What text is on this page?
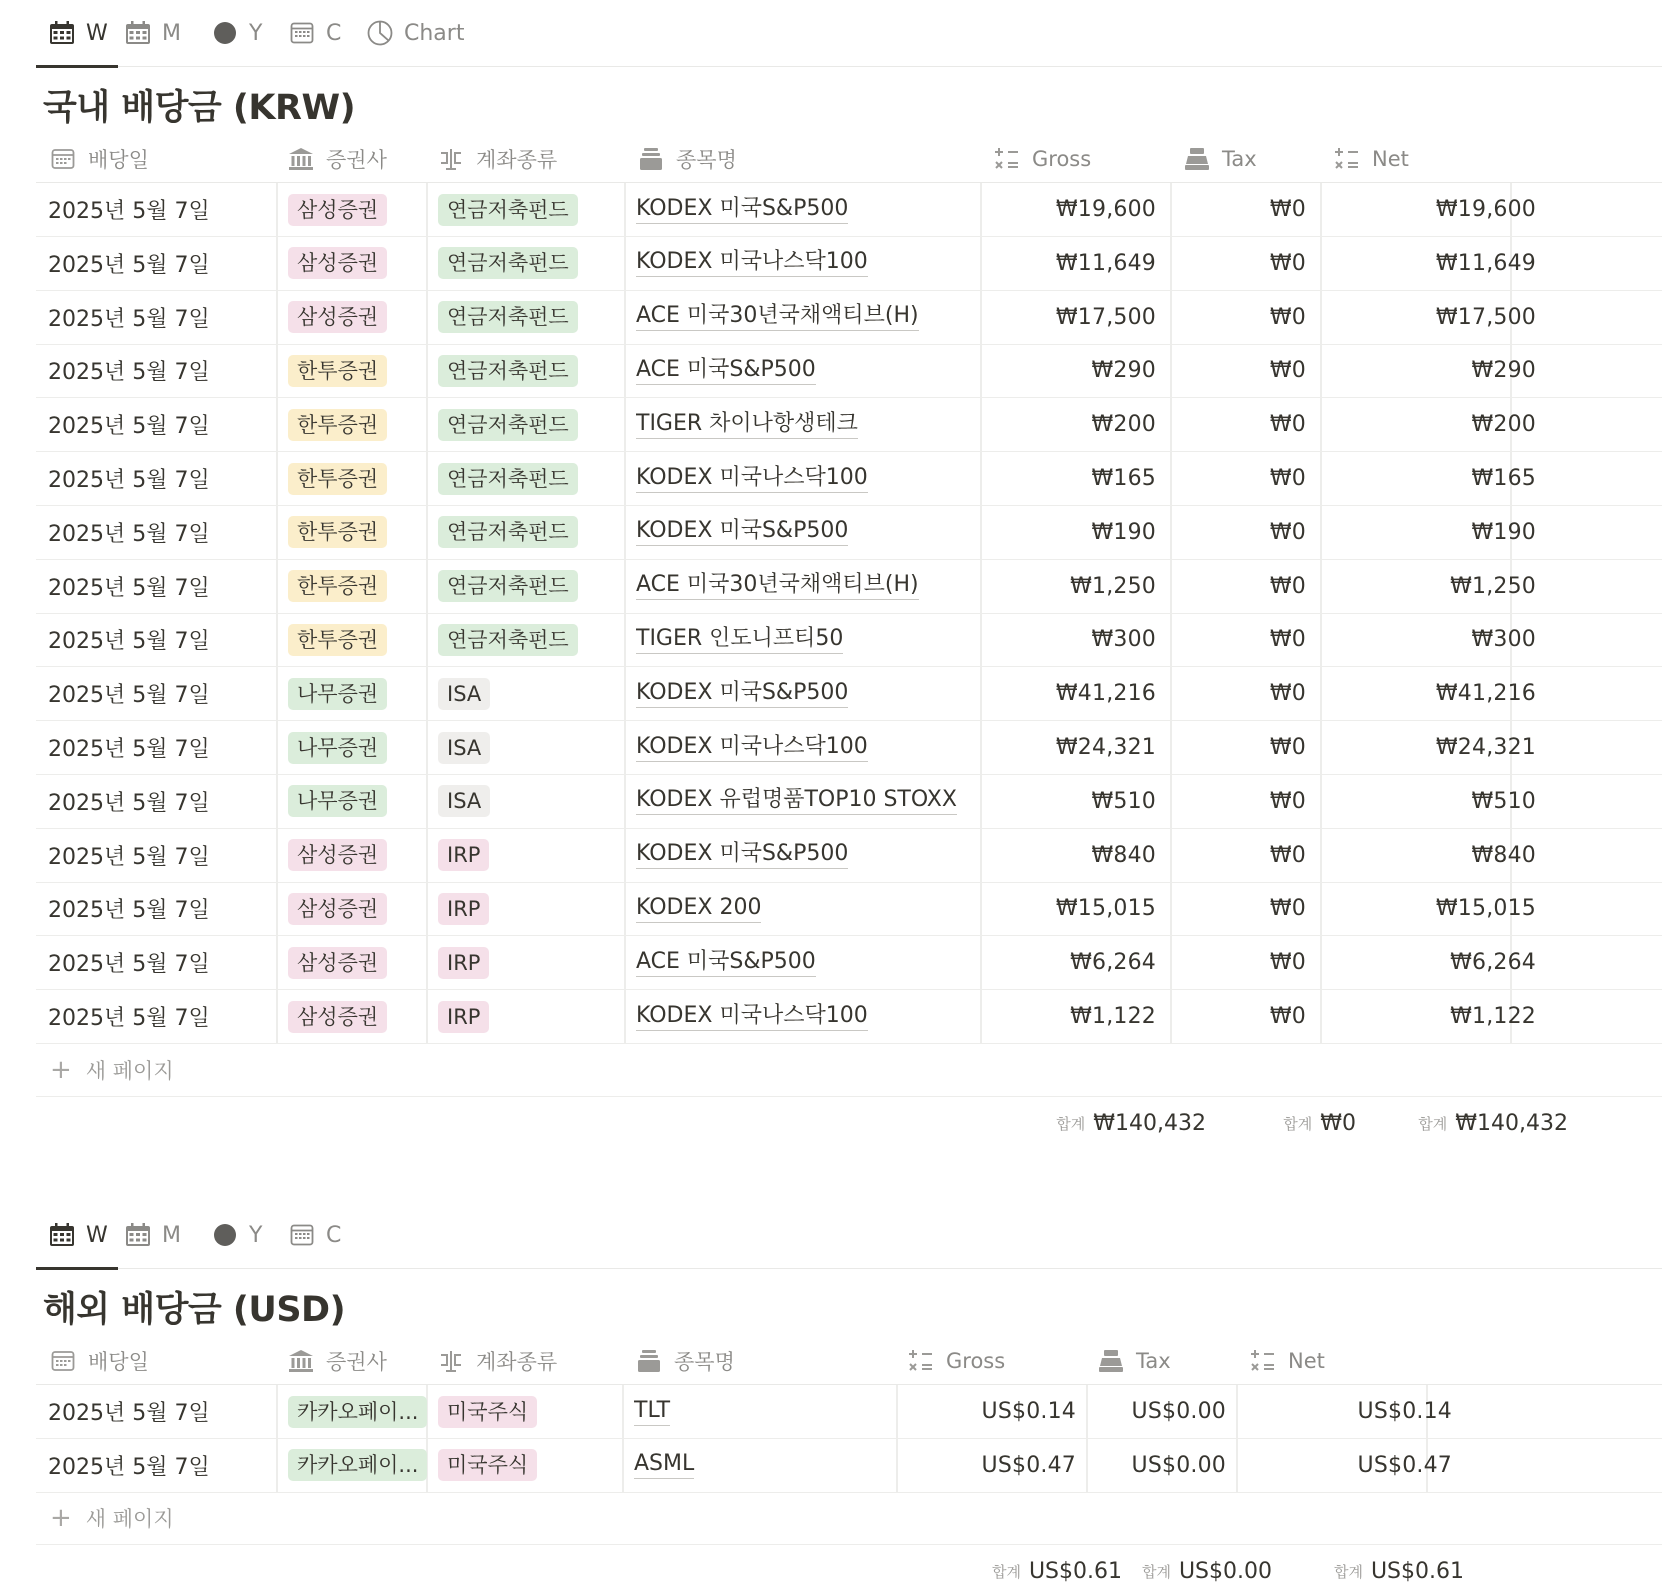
W M	Y	C	Chart
국내 배당금 (KRW)
배당일	증권사	계좌종류	종목명	Gross	Tax	Net
2025년 5월 7일	삼성증권	연금저축펀드	KODEX 미국S&P500	₩19,600	₩0	₩19,600
2025년 5월 7일	삼성증권	연금저축펀드	KODEX 미국나스닥100	₩11,649	₩0	₩11,649
2025년 5월 7일	삼성증권	연금저축펀드	ACE 미국30년국채액티브(H)	₩17,500	₩0	₩17,500
2025년 5월 7일	한투증권	연금저축펀드	ACE 미국S&P500	₩290	₩0	₩290
2025년 5월 7일	한투증권	연금저축펀드	TIGER 차이나항생테크	₩200	₩0	₩200
2025년 5월 7일	한투증권	연금저축펀드	KODEX 미국나스닥100	₩165	₩0	₩165
2025년 5월 7일	한투증권	연금저축펀드	KODEX 미국S&P500	₩190	₩0	₩190
2025년 5월 7일	한투증권	연금저축펀드	ACE 미국30년국채액티브(H)	₩1,250	₩0	₩1,250
2025년 5월 7일	한투증권	연금저축펀드	TIGER 인도니프티50	₩300	₩0	₩300
2025년 5월 7일	나무증권	ISA	KODEX 미국S&P500	₩41,216	₩0	₩41,216
2025년 5월 7일	나무증권	ISA	KODEX 미국나스닥100	₩24,321	₩0	₩24,321
2025년 5월 7일	나무증권	ISA	KODEX 유럽명품TOP10 STOXX	₩510	₩0	₩510
2025년 5월 7일	삼성증권	IRP	KODEX 미국S&P500	₩840	₩0	₩840
2025년 5월 7일	삼성증권	IRP	KODEX 200	₩15,015	₩0	₩15,015
2025년 5월 7일	삼성증권	IRP	ACE 미국S&P500	₩6,264	₩0	₩6,264
2025년 5월 7일	삼성증권	IRP	KODEX 미국나스닥100	₩1,122	₩0	₩1,122
+ 새 페이지
합계 ₩140,432	합계 ₩0	합계 ₩140,432
W M	Y	C
해외 배당금 (USD)
배당일	증권사	계좌종류	종목명	Gross	Tax	Net
2025년 5월 7일	카카오페이...	미국주식	TLT	US$0.14	US$0.00	US$0.14
2025년 5월 7일	카카오페이...	미국주식	ASML	US$0.47	US$0.00	US$0.47
+ 새 페이지
합계 US$0.61 합계 US$0.00	합계 US$0.61
